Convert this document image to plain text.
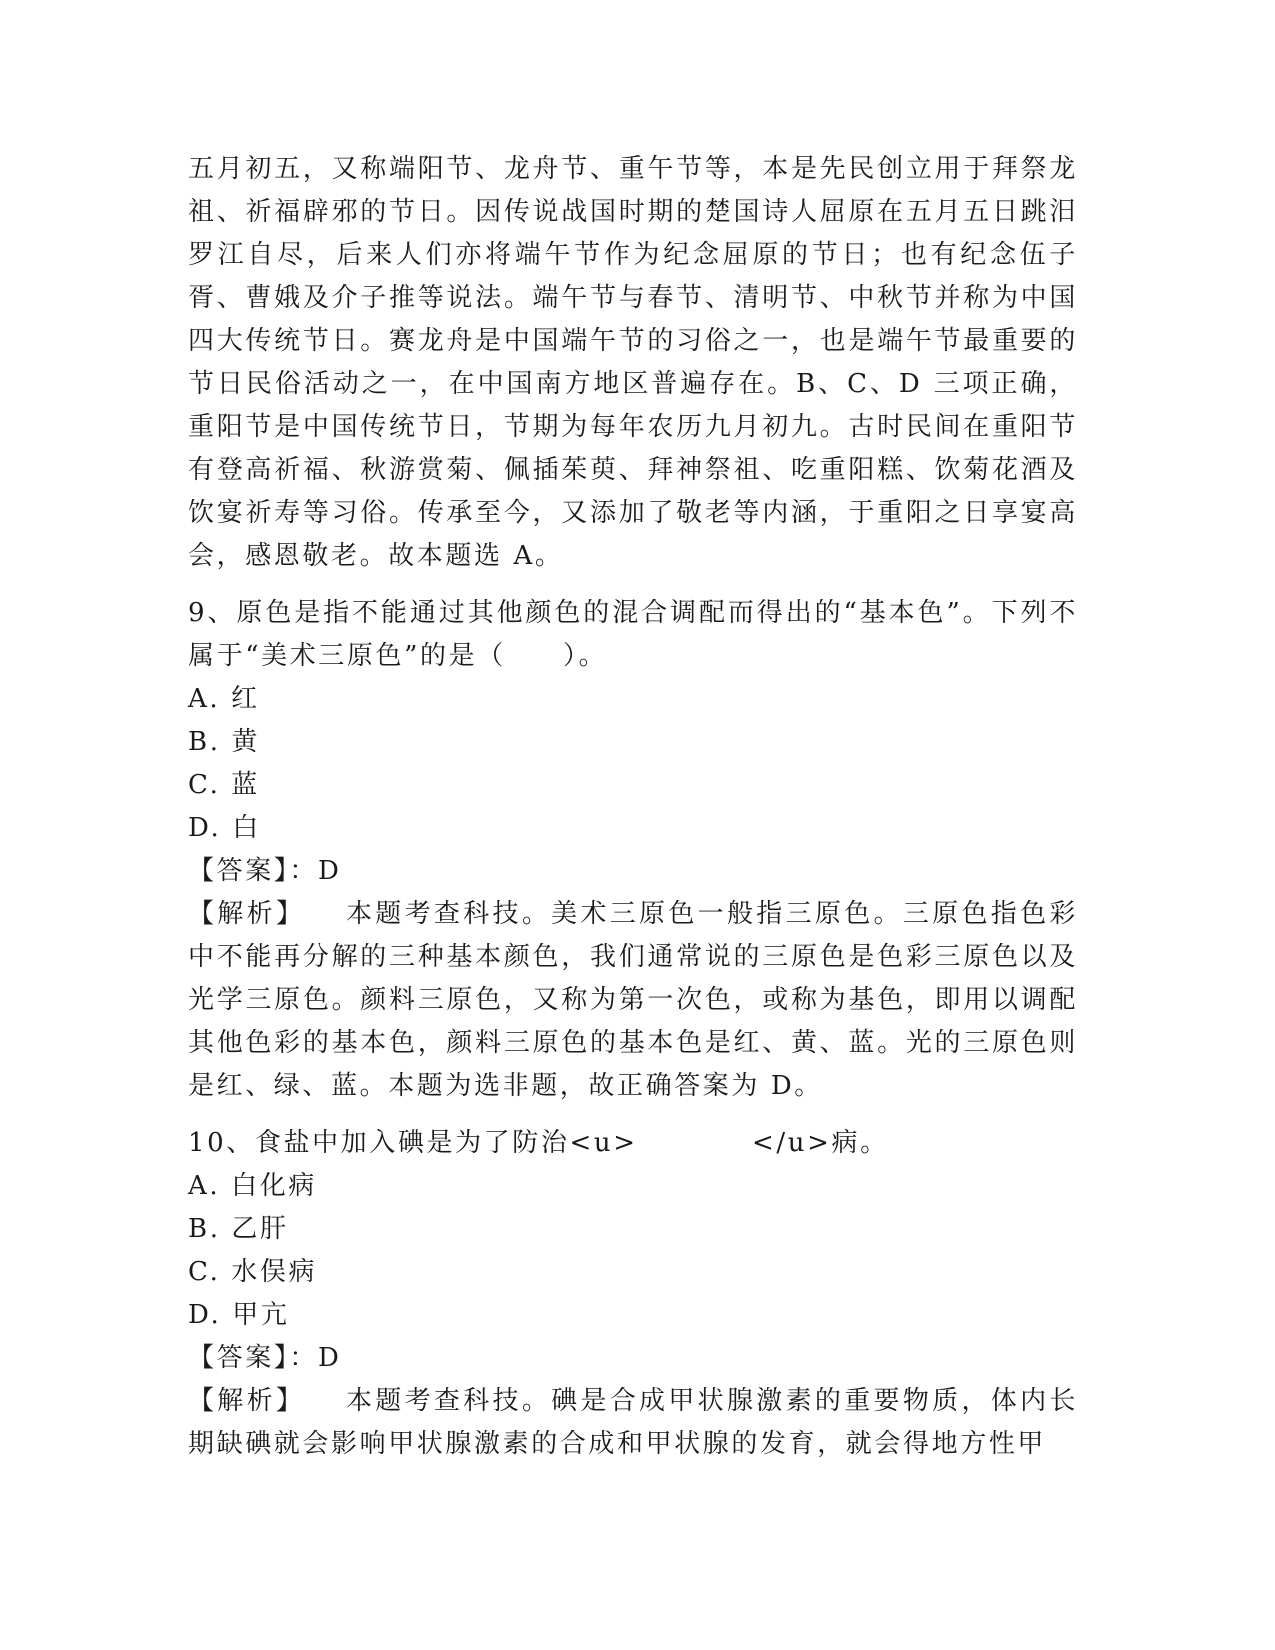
五月初五，又称端阳节、龙舟节、重午节等，本是先民创立用于拜祭龙祖、祈福辟邪的节日。因传说战国时期的楚国诗人屈原在五月五日跳汨罗江自尽，后来人们亦将端午节作为纪念屈原的节日；也有纪念伍子胥、曹娥及介子推等说法。端午节与春节、清明节、中秋节并称为中国四大传统节日。赛龙舟是中国端午节的习俗之一，也是端午节最重要的节日民俗活动之一，在中国南方地区普遍存在。B、C、D 三项正确，重阳节是中国传统节日，节期为每年农历九月初九。古时民间在重阳节有登高祈福、秋游赏菊、佩插茱萸、拜神祭祖、吃重阳糕、饮菊花酒及饮宴祈寿等习俗。传承至今，又添加了敬老等内涵，于重阳之日享宴高会，感恩敬老。故本题选 A。
9、原色是指不能通过其他颜色的混合调配而得出的“基本色”。下列不属于“美术三原色”的是（　　）。
A. 红
B. 黄
C. 蓝
D. 白
【答案】：D
【解析】 本题考查科技。美术三原色一般指三原色。三原色指色彩中不能再分解的三种基本颜色，我们通常说的三原色是色彩三原色以及光学三原色。颜料三原色，又称为第一次色，或称为基色，即用以调配其他色彩的基本色，颜料三原色的基本色是红、黄、蓝。光的三原色则是红、绿、蓝。本题为选非题，故正确答案为 D。
10、食盐中加入碘是为了防治<u>　　　　</u>病。
A. 白化病
B. 乙肝
C. 水俣病
D. 甲亢
【答案】：D
【解析】 本题考查科技。碘是合成甲状腺激素的重要物质，体内长期缺碘就会影响甲状腺激素的合成和甲状腺的发育，就会得地方性甲
